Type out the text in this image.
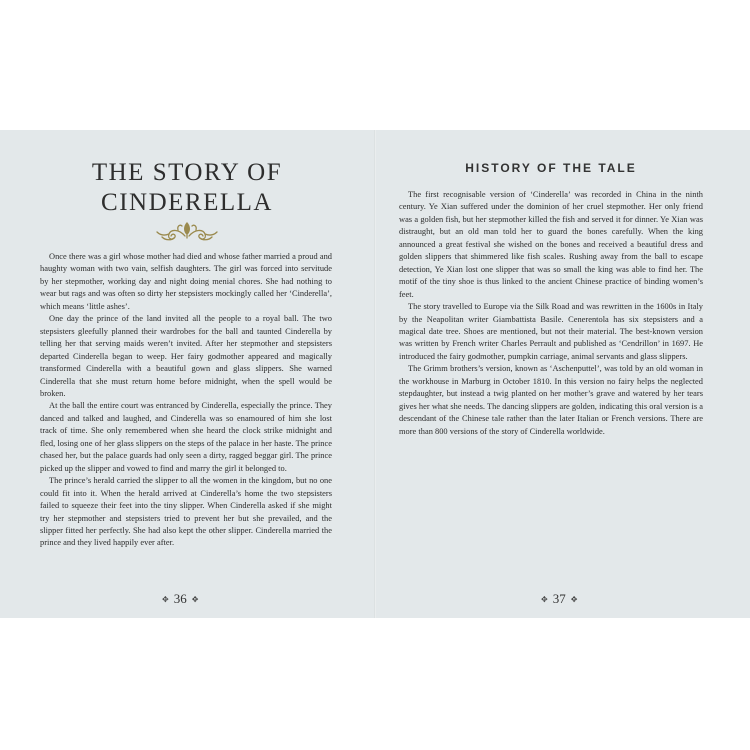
THE STORY OF
CINDERELLA

Once there was a girl whose mother had died and whose father married a proud and haughty woman with two vain, selfish daughters. The girl was forced into servitude by her stepmother, working day and night doing menial chores. She had nothing to wear but rags and was often so dirty her stepsisters mockingly called her ‘Cinderella’, which means ‘little ashes’.

One day the prince of the land invited all the people to a royal ball. The two stepsisters gleefully planned their wardrobes for the ball and taunted Cinderella by telling her that serving maids weren’t invited. After her stepmother and stepsisters departed Cinderella began to weep. Her fairy godmother appeared and magically transformed Cinderella with a beautiful gown and glass slippers. She warned Cinderella that she must return home before midnight, when the spell would be broken.

At the ball the entire court was entranced by Cinderella, especially the prince. They danced and talked and laughed, and Cinderella was so enamoured of him she lost track of time. She only remembered when she heard the clock strike midnight and fled, losing one of her glass slippers on the steps of the palace in her haste. The prince chased her, but the palace guards had only seen a dirty, ragged beggar girl. The prince picked up the slipper and vowed to find and marry the girl it belonged to.

The prince’s herald carried the slipper to all the women in the kingdom, but no one could fit into it. When the herald arrived at Cinderella’s home the two stepsisters failed to squeeze their feet into the tiny slipper. When Cinderella asked if she might try her stepmother and stepsisters tried to prevent her but she prevailed, and the slipper fitted her perfectly. She had also kept the other slipper. Cinderella married the prince and they lived happily ever after.

✥ 36 ✥
HISTORY OF THE TALE

The first recognisable version of ‘Cinderella’ was recorded in China in the ninth century. Ye Xian suffered under the dominion of her cruel stepmother. Her only friend was a golden fish, but her stepmother killed the fish and served it for dinner. Ye Xian was distraught, but an old man told her to guard the bones carefully. When the king announced a great festival she wished on the bones and received a beautiful dress and golden slippers that shimmered like fish scales. Rushing away from the ball to escape detection, Ye Xian lost one slipper that was so small the king was able to find her. The motif of the tiny shoe is thus linked to the ancient Chinese practice of binding women’s feet.

The story travelled to Europe via the Silk Road and was rewritten in the 1600s in Italy by the Neapolitan writer Giambattista Basile. Cenerentola has six stepsisters and a magical date tree. Shoes are mentioned, but not their material. The best-known version was written by French writer Charles Perrault and published as ‘Cendrillon’ in 1697. He introduced the fairy godmother, pumpkin carriage, animal servants and glass slippers.

The Grimm brothers’s version, known as ‘Aschenputtel’, was told by an old woman in the workhouse in Marburg in October 1810. In this version no fairy helps the neglected stepdaughter, but instead a twig planted on her mother’s grave and watered by her tears gives her what she needs. The dancing slippers are golden, indicating this oral version is a descendant of the Chinese tale rather than the later Italian or French versions. There are more than 800 versions of the story of Cinderella worldwide.

✥ 37 ✥
